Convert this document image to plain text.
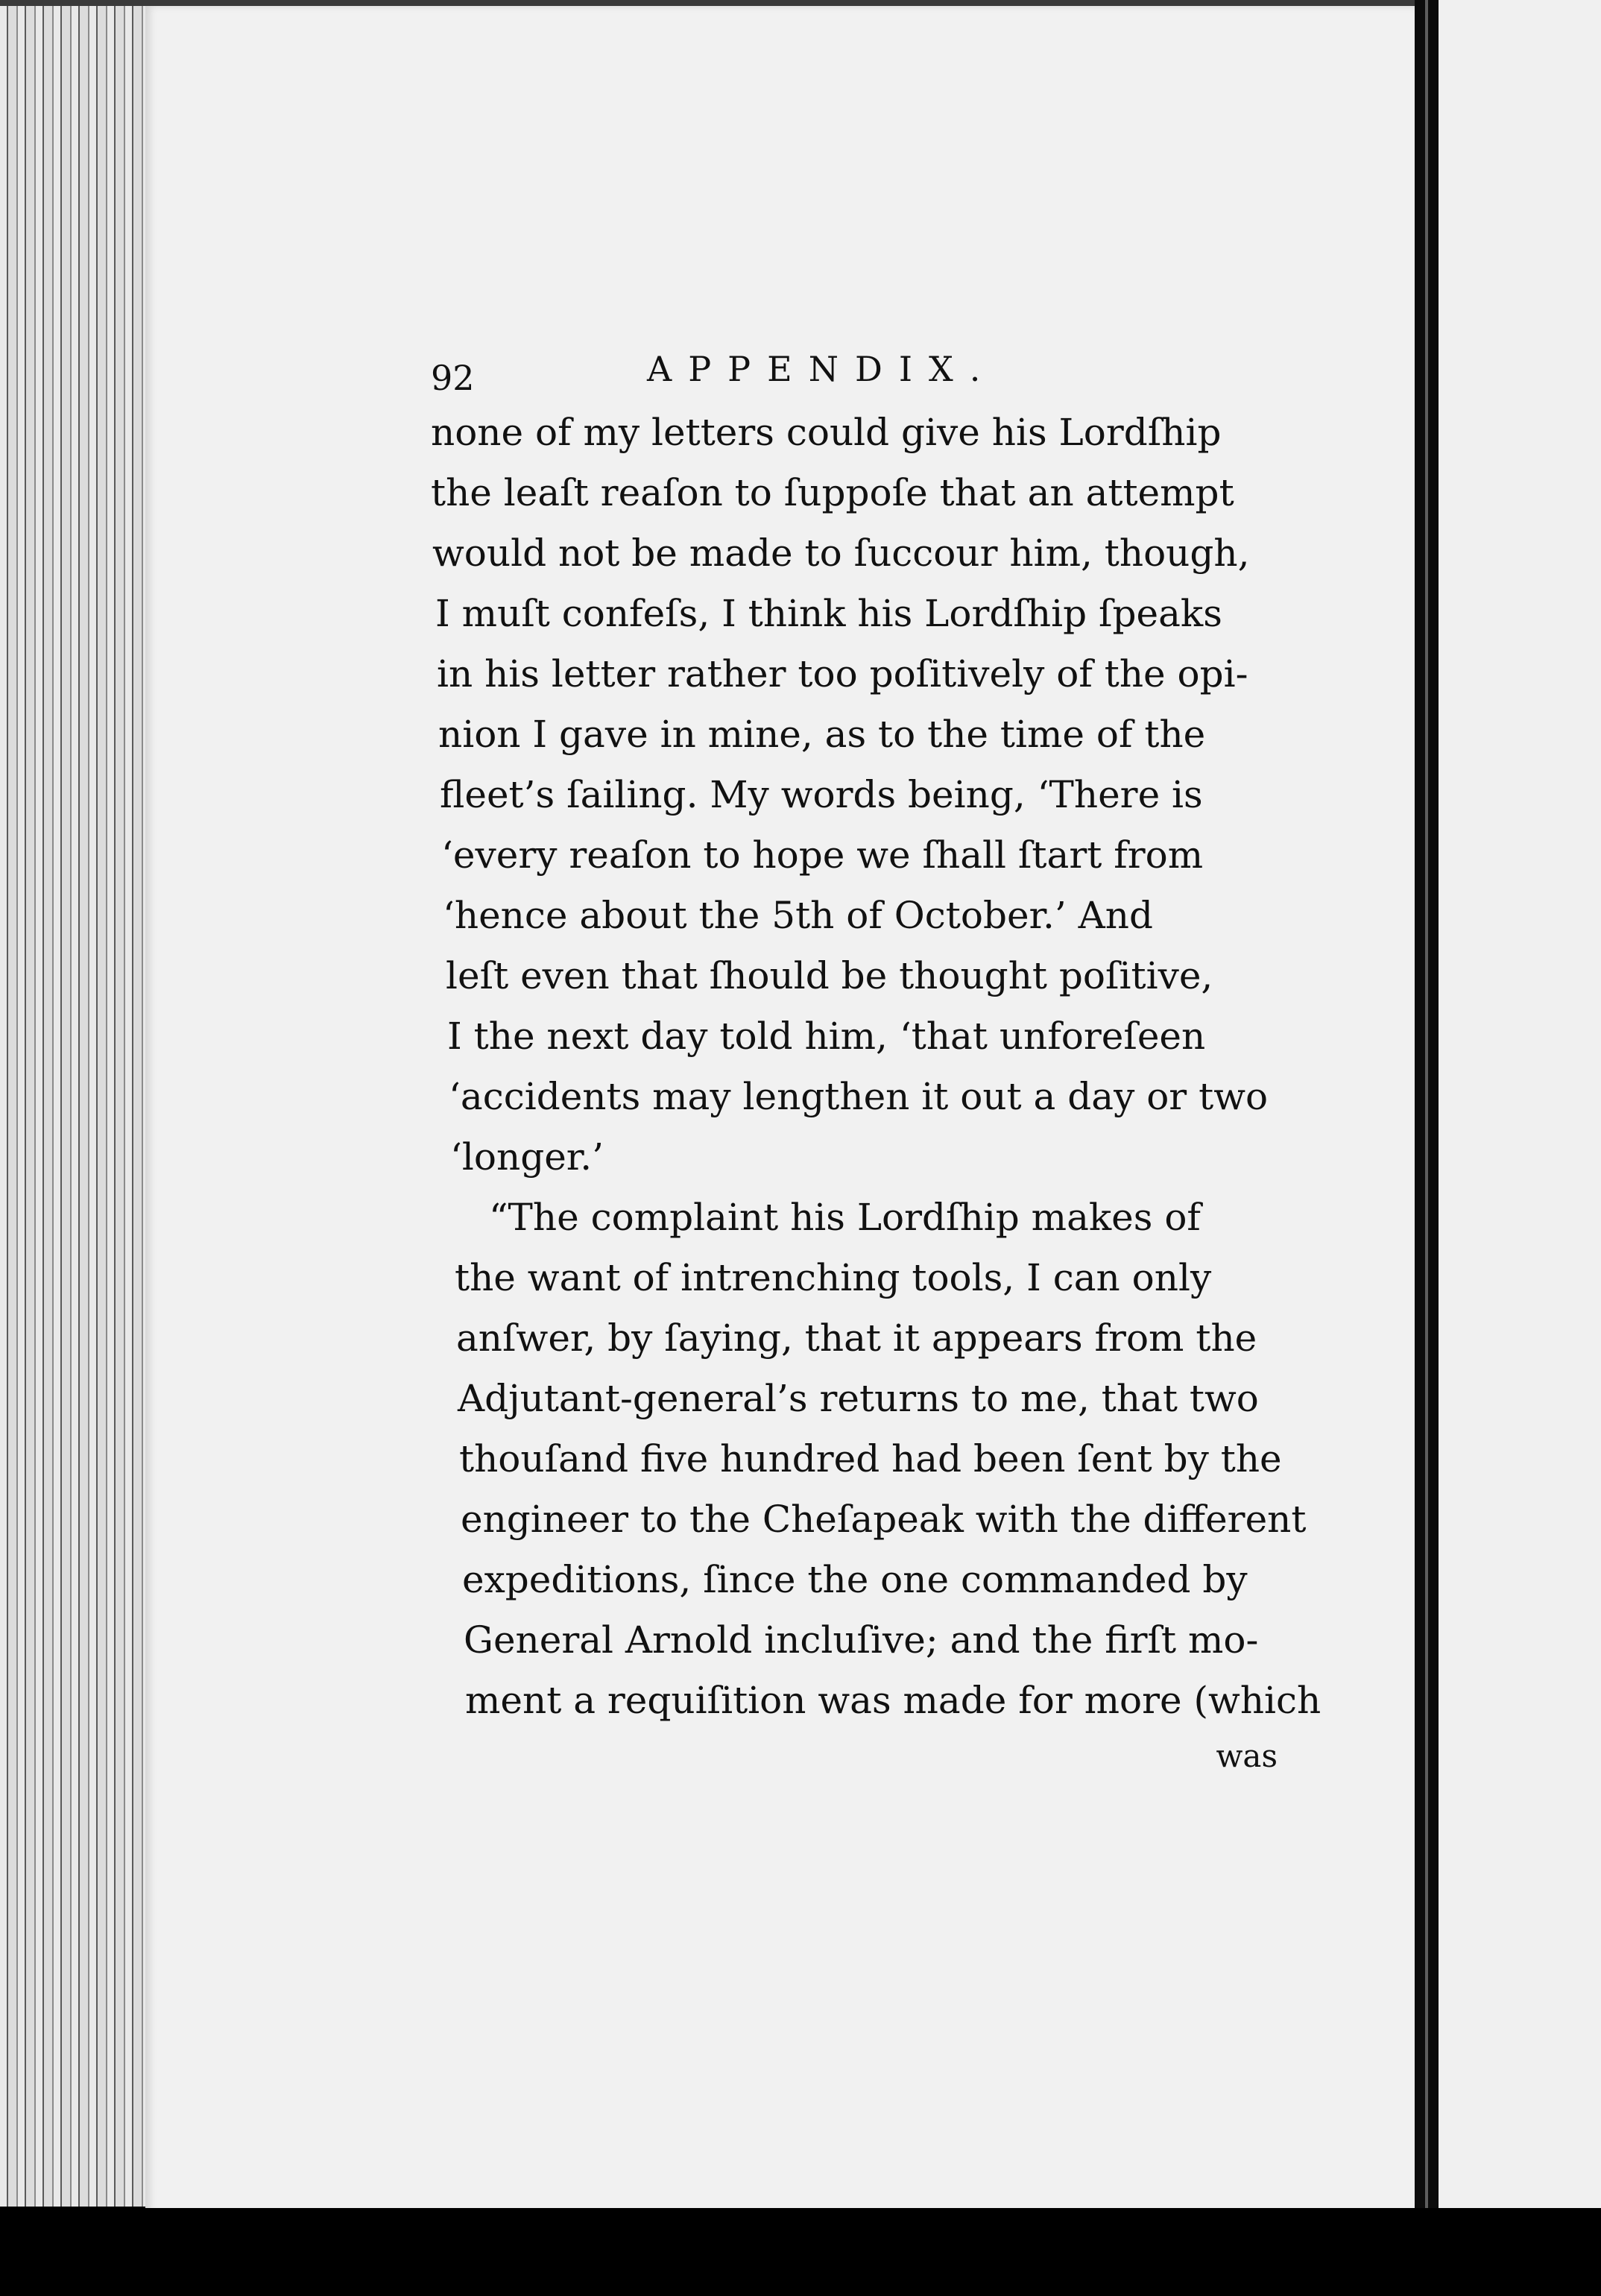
92	APPENDIX.
none of my letters could give his Lordſhip
the leaſt reaſon to ſuppoſe that an attempt
would not be made to ſuccour him, though,
I muſt confeſs, I think his Lordſhip ſpeaks
in his letter rather too poſitively of the opi-
nion I gave in mine, as to the time of the
fleet’s ſailing. My words being, ‘There is
‘every reaſon to hope we ſhall ſtart from
‘hence about the 5th of October.’ And
leſt even that ſhould be thought poſitive,
I the next day told him, ‘that unforeſeen
‘accidents may lengthen it out a day or two
‘longer.’
“The complaint his Lordſhip makes of
the want of intrenching tools, I can only
anſwer, by ſaying, that it appears from the
Adjutant-general’s returns to me, that two
thouſand five hundred had been ſent by the
engineer to the Cheſapeak with the different
expeditions, ſince the one commanded by
General Arnold incluſive; and the firſt mo-
ment a requiſition was made for more (which
was
